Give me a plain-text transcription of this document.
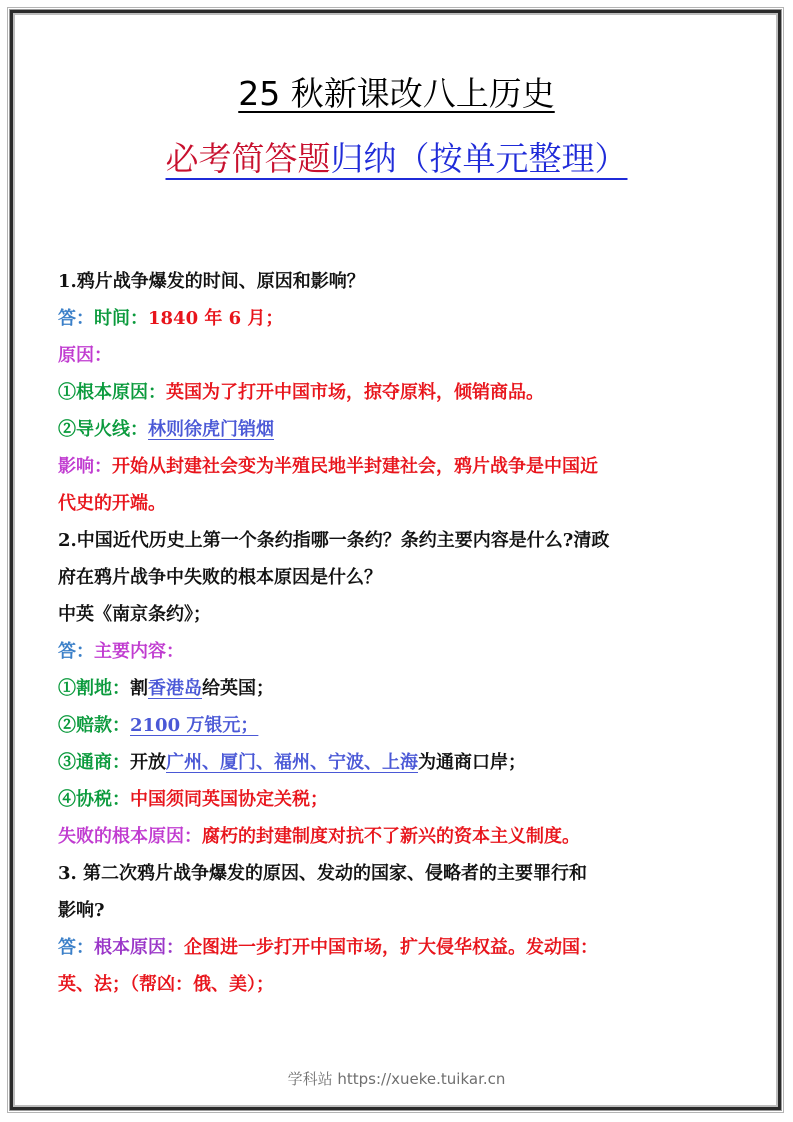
25 秋新课改八上历史
必考简答题归纳（按单元整理）
1.鸦片战争爆发的时间、原因和影响？
答：时间：1840 年 6 月；
原因：
①根本原因：英国为了打开中国市场，掠夺原料，倾销商品。
②导火线：林则徐虎门销烟
影响：开始从封建社会变为半殖民地半封建社会，鸦片战争是中国近
代史的开端。
2.中国近代历史上第一个条约指哪一条约？条约主要内容是什么?清政
府在鸦片战争中失败的根本原因是什么？
中英《南京条约》；
答：主要内容：
①割地：割香港岛给英国；
②赔款：2100 万银元；
③通商：开放广州、厦门、福州、宁波、上海为通商口岸；
④协税：中国须同英国协定关税；
失败的根本原因：腐朽的封建制度对抗不了新兴的资本主义制度。
3. 第二次鸦片战争爆发的原因、发动的国家、侵略者的主要罪行和
影响?
答：根本原因：企图进一步打开中国市场，扩大侵华权益。发动国：
英、法；（帮凶：俄、美）；
学科站 https://xueke.tuikar.cn
